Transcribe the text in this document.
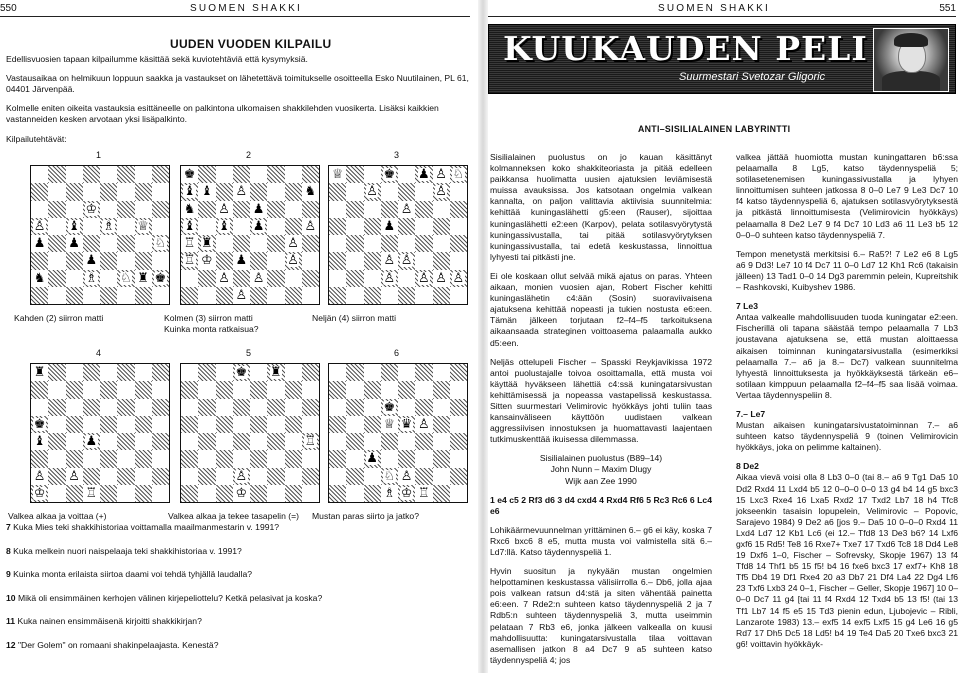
550	SUOMEN SHAKKI
UUDEN VUODEN KILPAILU

Edellisvuosien tapaan kilpailumme käsittää sekä kuviotehtäviä että kysymyksiä.

Vastausaikaa on helmikuun loppuun saakka ja vastaukset on lähetettävä toimitukselle osoitteella Esko Nuutilainen, PL 61, 04401 Järvenpää.

Kolmelle eniten oikeita vastauksia esittäneelle on palkintona ulkomaisen shakkilehden vuosikerta. Lisäksi kaikkien vastanneiden kesken arvotaan yksi lisäpalkinto.

Kilpailutehtävät:
1
♔
♙ ♝ ♗ ♕
♟ ♟	♘
♟
♞	♗ ♘ ♜ ♚
Kahden (2) siirron matti
2
♚
♝ ♝ ♙	♞
♞ ♙ ♟
♝ ♝ ♟	♙
♖ ♜	♙
♖ ♔ ♟	♙
♙ ♙
♙
Kolmen (3) siirron matti
Kuinka monta ratkaisua?
3
♕	♚ ♟ ♙ ♘
♙	♙
♙
♟
♙ ♙
♙ ♙ ♙ ♙
Neljän (4) siirron matti
4
♜
♚
♝	♟
♙ ♙
♔	♖
Valkea alkaa ja voittaa (+)
5
♚ ♜
♖
♙
♔
Valkea alkaa ja tekee tasapelin (=)
6
♚
♕ ♛ ♙
♟
♘ ♙
♗ ♔ ♖
Mustan paras siirto ja jatko?
7 Kuka Mies teki shakkihistoriaa voittamalla maailmanmestarin v. 1991?
8 Kuka melkein nuori naispelaaja teki shakkihistoriaa v. 1991?
9 Kuinka monta erilaista siirtoa daami voi tehdä tyhjällä laudalla?
10 Mikä oli ensimmäinen kerhojen välinen kirjepeliottelu? Ketkä pelasivat ja koska?
11 Kuka nainen ensimmäisenä kirjoitti shakkikirjan?
12 "Der Golem" on romaani shakinpelaajasta. Kenestä?
SUOMEN SHAKKI	551
KUUKAUDEN PELI
Suurmestari Svetozar Gligoric
ANTI–SISILIALAINEN LABYRINTTI

Sisilialainen puolustus on jo kauan käsittänyt kolmanneksen koko shakkiteoriasta ja pitää edelleen paikkansa huolimatta uusien ajatuksien leviämisestä muissa avauksissa. Jos katsotaan ongelmia valkean kannalta, on paljon valittavia aktiivisia suunnitelmia: kehittää kuningaslähetti g5:een (Rauser), sijoittaa kuningaslähetti e2:een (Karpov), pelata sotilasvyörytystä kuningassivustalla, tai pitää sotilasvyörytyksen kuningassivustalla, tai edetä keskustassa, linnoittua lyhyesti tai pitkästi jne.

Ei ole koskaan ollut selvää mikä ajatus on paras. Yhteen aikaan, monien vuosien ajan, Robert Fischer kehitti kuningaslähetin c4:ään (Sosin) suoraviivaisena ajatuksena kehittää nopeasti ja tukien nostusta e6:een. Tämän jälkeen torjutaan f2–f4–f5 tarkoituksena aikaansaada strateginen voittoasema palaamalla aukko d5:een.

Neljäs ottelupeli Fischer – Spasski Reykjavikissa 1972 antoi puolustajalle toivoa osoittamalla, että musta voi käyttää hyväkseen lähettiä c4:ssä kuningatarsivustan kehittämisessä ja nopeassa vastapelissä keskustassa. Sitten suurmestari Velimirovic hyökkäys johti tuliin taas kansainväliseen käyttöön uudistaen valkean aggressiivisen innostuksen ja huomattavasti laajentaen tutkimuskenttää ikuisessa dilemmassa.

Sisilialainen puolustus (B89–14)
John Nunn – Maxim Dlugy
Wijk aan Zee 1990

1 e4 c5 2 Rf3 d6 3 d4 cxd4 4 Rxd4 Rf6 5 Rc3 Rc6 6 Lc4 e6

Lohikäärmevuunnelman yrittäminen 6.– g6 ei käy, koska 7 Rxc6 bxc6 8 e5, mutta musta voi valmistella sitä 6.– Ld7:llä. Katso täydennyspeliä 1.

Hyvin suositun ja nykyään mustan ongelmien helpottaminen keskustassa välisiirrolla 6.– Db6, jolla ajaa pois valkean ratsun d4:stä ja siten vähentää painetta e6:een. 7 Rde2:n suhteen katso täydennyspeliä 2 ja 7 Rdb5:n suhteen täydennyspeliä 3, mutta useimmin pelataan 7 Rb3 e6, jonka jälkeen valkealla on kuusi mahdollisuutta: kuningatarsivustalla tilaa voittavan asemallisen jatkon 8 a4 Dc7 9 a5 suhteen katso täydennyspeliä 4; jos

valkea jättää huomiotta mustan kuningattaren b6:ssa pelaamalla 8 Lg5, katso täydennyspeliä 5; sotilasetenemisen kuningassivustalla ja lyhyen linnoittumisen suhteen jatkossa 8 0–0 Le7 9 Le3 Dc7 10 f4 katso täydennyspeliä 6, ajatuksen sotilasvyörytyksestä ja pitkästä linnoittumisesta (Velimirovicin hyökkäys) pelaamalla 8 De2 Le7 9 f4 Dc7 10 Ld3 a6 11 Le3 b5 12 0–0–0 suhteen katso täydennyspeliä 7.

Tempon menetystä merkitsisi 6.– Ra5?! 7 Le2 e6 8 Lg5 a6 9 Dd3! Le7 10 f4 Dc7 11 0–0 Ld7 12 Kh1 Rc6 (takaisin jälleen) 13 Tad1 0–0 14 Dg3 paremmin pelein, Kupreitshik – Rashkovski, Kuibyshev 1986.

7 Le3

Antaa valkealle mahdollisuuden tuoda kuningatar e2:een. Fischerillä oli tapana säästää tempo pelaamalla 7 Lb3 joustavana ajatuksena se, että mustan aloittaessa aikaisen toiminnan kuningatarsivustalla (esimerkiksi pelaamalla 7.– a6 ja 8.– Dc7) valkean suunnitelma lyhyestä linnoittuksesta ja hyökkäyksestä tärkeän e6–sotilaan kimppuun pelaamalla f2–f4–f5 saa lisää voimaa. Vertaa täydennyspeliin 8.

7.– Le7

Mustan aikaisen kuningatarsivustatoiminnan 7.– a6 suhteen katso täydennyspeliä 9 (toinen Velimirovicin hyökkäys, joka on pelimme kaltainen).

8 De2

Aikaa vievä voisi olla 8 Lb3 0–0 (tai 8.– a6 9 Tg1 Da5 10 Dd2 Rxd4 11 Lxd4 b5 12 0–0–0 0–0 13 g4 b4 14 g5 bxc3 15 Lxc3 Rxe4 16 Lxa5 Rxd2 17 Txd2 Lb7 18 h4 Tfc8 jokseenkin tasaisin lopupelein, Velimirovic – Popovic, Sarajevo 1984) 9 De2 a6 [jos 9.– Da5 10 0–0–0 Rxd4 11 Lxd4 Ld7 12 Kb1 Lc6 (ei 12.– Tfd8 13 De3 b6? 14 Lxf6 gxf6 15 Rd5! Te8 16 Rxe7+ Txe7 17 Txd6 Tc8 18 Dd4 Le8 19 Dxf6 1–0, Fischer – Sofrevsky, Skopje 1967) 13 f4 Tfd8 14 Thf1 b5 15 f5! b4 16 fxe6 bxc3 17 exf7+ Kh8 18 Tf5 Db4 19 Df1 Rxe4 20 a3 Db7 21 Df4 La4 22 Dg4 Lf6 23 Txf6 Lxb3 24 0–1, Fischer – Geller, Skopje 1967] 10 0–0–0 Dc7 11 g4 [tai 11 f4 Rxd4 12 Txd4 b5 13 f5! (tai 13 Tf1 Lb7 14 f5 e5 15 Td3 pienin edun, Ljubojevic – Ribli, Lanzarote 1983) 13.– exf5 14 exf5 Lxf5 15 g4 Le6 16 g5 Rd7 17 Dh5 Dc5 18 Ld5! b4 19 Te4 Da5 20 Txe6 bxc3 21 g6! voittavin hyökkäyk-
